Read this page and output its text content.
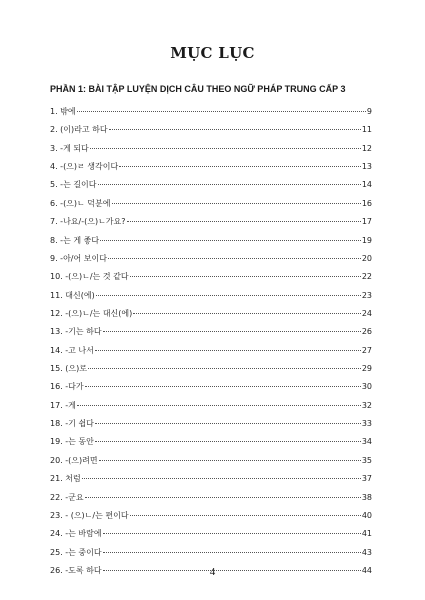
MỤC LỤC
PHẦN 1: BÀI TẬP LUYỆN DỊCH CÂU THEO NGỮ PHÁP TRUNG CẤP 3
1. 밖에	9
2. (이)라고 하다	11
3. -게 되다	12
4. -(으)ㄹ 생각이다	13
5. -는 길이다	14
6. -(으)ㄴ 덕분에	16
7. -나요/-(으)ㄴ가요?	17
8. -는 게 좋다	19
9. -아/어 보이다	20
10. -(으)ㄴ/는 것 같다	22
11. 대신(에)	23
12. -(으)ㄴ/는 대신(에)	24
13. -기는 하다	26
14. -고 나서	27
15. (으)로	29
16. -다가	30
17. -게	32
18. -기 쉽다	33
19. -는 동안	34
20. -(으)려면	35
21. 처럼	37
22. -군요	38
23. - (으)ㄴ/는 편이다	40
24. -는 바람에	41
25. -는 중이다	43
26. -도록 하다	44
4
